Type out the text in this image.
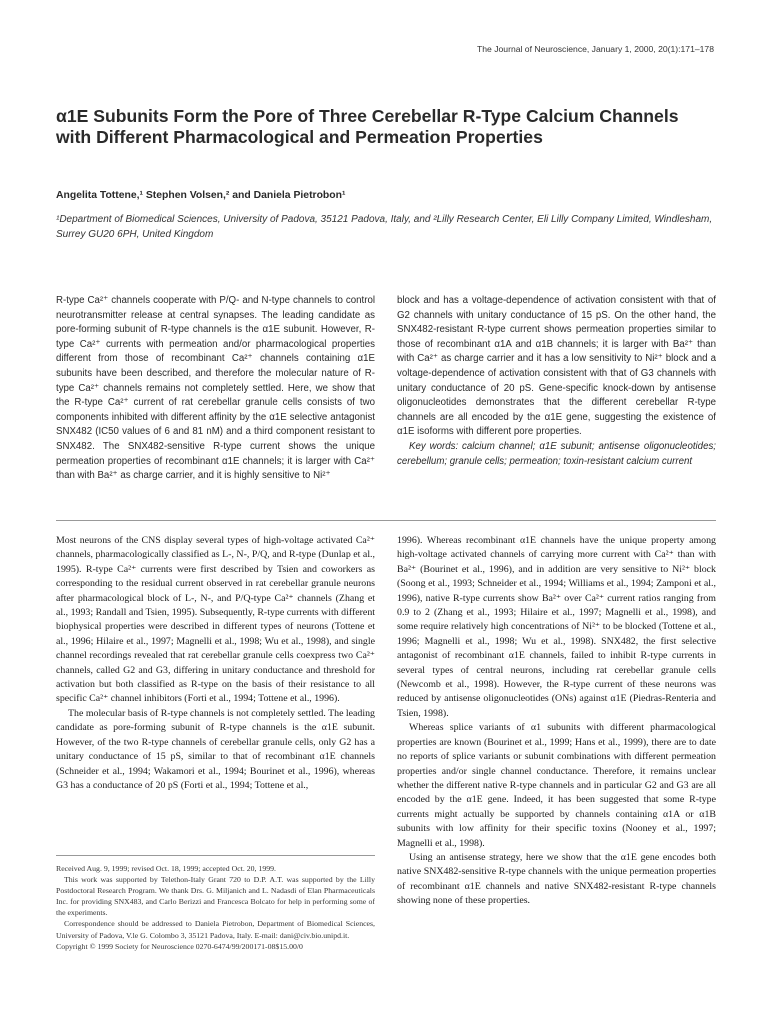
The Journal of Neuroscience, January 1, 2000, 20(1):171–178
α1E Subunits Form the Pore of Three Cerebellar R-Type Calcium Channels with Different Pharmacological and Permeation Properties
Angelita Tottene,¹ Stephen Volsen,² and Daniela Pietrobon¹
¹Department of Biomedical Sciences, University of Padova, 35121 Padova, Italy, and ²Lilly Research Center, Eli Lilly Company Limited, Windlesham, Surrey GU20 6PH, United Kingdom

R-type Ca²⁺ channels cooperate with P/Q- and N-type channels to control neurotransmitter release at central synapses. The leading candidate as pore-forming subunit of R-type channels is the α1E subunit. However, R-type Ca²⁺ currents with permeation and/or pharmacological properties different from those of recombinant Ca²⁺ channels containing α1E subunits have been described, and therefore the molecular nature of R-type Ca²⁺ channels remains not completely settled. Here, we show that the R-type Ca²⁺ current of rat cerebellar granule cells consists of two components inhibited with different affinity by the α1E selective antagonist SNX482 (IC50 values of 6 and 81 nM) and a third component resistant to SNX482. The SNX482-sensitive R-type current shows the unique permeation properties of recombinant α1E channels; it is larger with Ca²⁺ than with Ba²⁺ as charge carrier, and it is highly sensitive to Ni²⁺

block and has a voltage-dependence of activation consistent with that of G2 channels with unitary conductance of 15 pS. On the other hand, the SNX482-resistant R-type current shows permeation properties similar to those of recombinant α1A and α1B channels; it is larger with Ba²⁺ than with Ca²⁺ as charge carrier and it has a low sensitivity to Ni²⁺ block and a voltage-dependence of activation consistent with that of G3 channels with unitary conductance of 20 pS. Gene-specific knock-down by antisense oligonucleotides demonstrates that the different cerebellar R-type channels are all encoded by the α1E gene, suggesting the existence of α1E isoforms with different pore properties.

Key words: calcium channel; α1E subunit; antisense oligonucleotides; cerebellum; granule cells; permeation; toxin-resistant calcium current

Most neurons of the CNS display several types of high-voltage activated Ca²⁺ channels, pharmacologically classified as L-, N-, P/Q, and R-type (Dunlap et al., 1995). R-type Ca²⁺ currents were first described by Tsien and coworkers as corresponding to the residual current observed in rat cerebellar granule neurons after pharmacological block of L-, N-, and P/Q-type Ca²⁺ channels (Zhang et al., 1993; Randall and Tsien, 1995). Subsequently, R-type currents with different biophysical properties were described in different types of neurons (Tottene et al., 1996; Hilaire et al., 1997; Magnelli et al., 1998; Wu et al., 1998), and single channel recordings revealed that rat cerebellar granule cells coexpress two Ca²⁺ channels, called G2 and G3, differing in unitary conductance and threshold for activation but both classified as R-type on the basis of their resistance to all specific Ca²⁺ channel inhibitors (Forti et al., 1994; Tottene et al., 1996).

The molecular basis of R-type channels is not completely settled. The leading candidate as pore-forming subunit of R-type channels is the α1E subunit. However, of the two R-type channels of cerebellar granule cells, only G2 has a unitary conductance of 15 pS, similar to that of recombinant α1E channels (Schneider et al., 1994; Wakamori et al., 1994; Bourinet et al., 1996), whereas G3 has a conductance of 20 pS (Forti et al., 1994; Tottene et al.,

Received Aug. 9, 1999; revised Oct. 18, 1999; accepted Oct. 20, 1999.

This work was supported by Telethon-Italy Grant 720 to D.P. A.T. was supported by the Lilly Postdoctoral Research Program. We thank Drs. G. Miljanich and L. Nadasdi of Elan Pharmaceuticals Inc. for providing SNX483, and Carlo Berizzi and Francesca Bolcato for help in performing some of the experiments.

Correspondence should be addressed to Daniela Pietrobon, Department of Biomedical Sciences, University of Padova, V.le G. Colombo 3, 35121 Padova, Italy. E-mail: dani@civ.bio.unipd.it.

Copyright © 1999 Society for Neuroscience 0270-6474/99/200171-08$15.00/0

1996). Whereas recombinant α1E channels have the unique property among high-voltage activated channels of carrying more current with Ca²⁺ than with Ba²⁺ (Bourinet et al., 1996), and in addition are very sensitive to Ni²⁺ block (Soong et al., 1993; Schneider et al., 1994; Williams et al., 1994; Zamponi et al., 1996), native R-type currents show Ba²⁺ over Ca²⁺ current ratios ranging from 0.9 to 2 (Zhang et al., 1993; Hilaire et al., 1997; Magnelli et al., 1998), and some require relatively high concentrations of Ni²⁺ to be blocked (Tottene et al., 1996; Magnelli et al., 1998; Wu et al., 1998). SNX482, the first selective antagonist of recombinant α1E channels, failed to inhibit R-type currents in several types of central neurons, including rat cerebellar granule cells (Newcomb et al., 1998). However, the R-type current of these neurons was reduced by antisense oligonucleotides (ONs) against α1E (Piedras-Renteria and Tsien, 1998).

Whereas splice variants of α1 subunits with different pharmacological properties are known (Bourinet et al., 1999; Hans et al., 1999), there are to date no reports of splice variants or subunit combinations with different permeation properties and/or single channel conductance. Therefore, it remains unclear whether the different native R-type channels and in particular G2 and G3 are all encoded by the α1E gene. Indeed, it has been suggested that some R-type currents might actually be supported by channels containing α1A or α1B subunits with low affinity for their specific toxins (Nooney et al., 1997; Magnelli et al., 1998).

Using an antisense strategy, here we show that the α1E gene encodes both native SNX482-sensitive R-type channels with the unique permeation properties of recombinant α1E channels and native SNX482-resistant R-type channels showing none of these properties.
